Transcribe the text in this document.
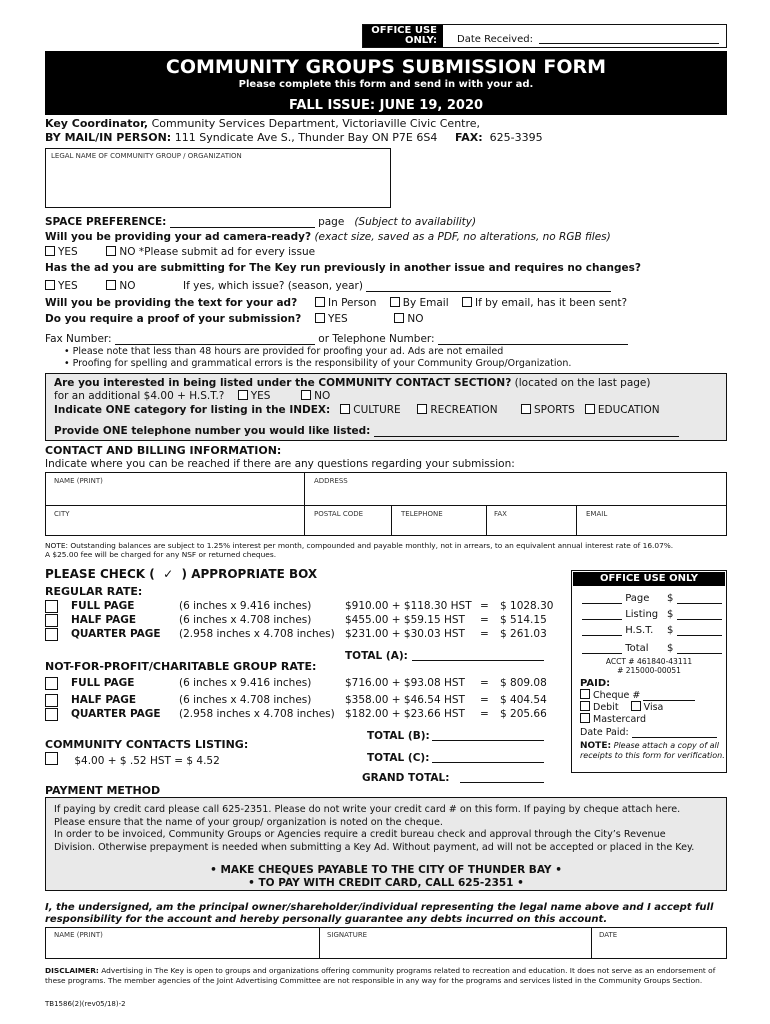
OFFICE USE
ONLY: Date Received:
COMMUNITY GROUPS SUBMISSION FORM
Please complete this form and send in with your ad.
FALL ISSUE: JUNE 19, 2020
Key Coordinator, Community Services Department, Victoriaville Civic Centre,
BY MAIL/IN PERSON: 111 Syndicate Ave S., Thunder Bay ON P7E 6S4 FAX: 625-3395
LEGAL NAME OF COMMUNITY GROUP / ORGANIZATION
SPACE PREFERENCE:	page (Subject to availability)
Will you be providing your ad camera-ready? (exact size, saved as a PDF, no alterations, no RGB files)
YES	NO *Please submit ad for every issue
Has the ad you are submitting for The Key run previously in another issue and requires no changes?
YES	NO	If yes, which issue? (season, year)
Will you be providing the text for your ad?	In Person	By Email	If by email, has it been sent?
Do you require a proof of your submission?	YES	NO
Fax Number:	or Telephone Number:
• Please note that less than 48 hours are provided for proofing your ad. Ads are not emailed
• Proofing for spelling and grammatical errors is the responsibility of your Community Group/Organization.
Are you interested in being listed under the COMMUNITY CONTACT SECTION? (located on the last page)
for an additional $4.00 + H.S.T.?	YES	NO
Indicate ONE category for listing in the INDEX: CULTURE	RECREATION	SPORTS EDUCATION
Provide ONE telephone number you would like listed:
CONTACT AND BILLING INFORMATION:
Indicate where you can be reached if there are any questions regarding your submission:
NAME (PRINT)	ADDRESS
CITY	POSTAL CODE	TELEPHONE	FAX	EMAIL
NOTE: Outstanding balances are subject to 1.25% interest per month, compounded and payable monthly, not in arrears, to an equivalent annual interest rate of 16.07%.
A $25.00 fee will be charged for any NSF or returned cheques.
PLEASE CHECK ( ✓ ) APPROPRIATE BOX
REGULAR RATE:
FULL PAGE	(6 inches x 9.416 inches)	$910.00 + $118.30 HST = $ 1028.30
HALF PAGE	(6 inches x 4.708 inches)	$455.00 + $59.15 HST = $ 514.15
QUARTER PAGE (2.958 inches x 4.708 inches) $231.00 + $30.03 HST = $ 261.03
TOTAL (A):
NOT-FOR-PROFIT/CHARITABLE GROUP RATE:
FULL PAGE	(6 inches x 9.416 inches)	$716.00 + $93.08 HST = $ 809.08
HALF PAGE	(6 inches x 4.708 inches)	$358.00 + $46.54 HST = $ 404.54
QUARTER PAGE (2.958 inches x 4.708 inches) $182.00 + $23.66 HST = $ 205.66
TOTAL (B):
COMMUNITY CONTACTS LISTING:
$4.00 + $ .52 HST = $ 4.52	TOTAL (C):
GRAND TOTAL:
OFFICE USE ONLY
Page $
Listing $
H.S.T. $
Total $
ACCT # 461840-43111
# 215000-00051
PAID:
Cheque #
Debit	Visa
Mastercard
Date Paid:
NOTE: Please attach a copy of all receipts to this form for verification.
PAYMENT METHOD
If paying by credit card please call 625-2351. Please do not write your credit card # on this form. If paying by cheque attach here.
Please ensure that the name of your group/ organization is noted on the cheque.
In order to be invoiced, Community Groups or Agencies require a credit bureau check and approval through the City’s Revenue
Division. Otherwise prepayment is needed when submitting a Key Ad. Without payment, ad will not be accepted or placed in the Key.
• MAKE CHEQUES PAYABLE TO THE CITY OF THUNDER BAY •
• TO PAY WITH CREDIT CARD, CALL 625-2351 •
I, the undersigned, am the principal owner/shareholder/individual representing the legal name above and I accept full
responsibility for the account and hereby personally guarantee any debts incurred on this account.
NAME (PRINT)	SIGNATURE	DATE
DISCLAIMER: Advertising in The Key is open to groups and organizations offering community programs related to recreation and education. It does not serve as an endorsement of
these programs. The member agencies of the Joint Advertising Committee are not responsible in any way for the programs and services listed in the Community Groups Section.
TB1586(2)(rev05/18)-2
